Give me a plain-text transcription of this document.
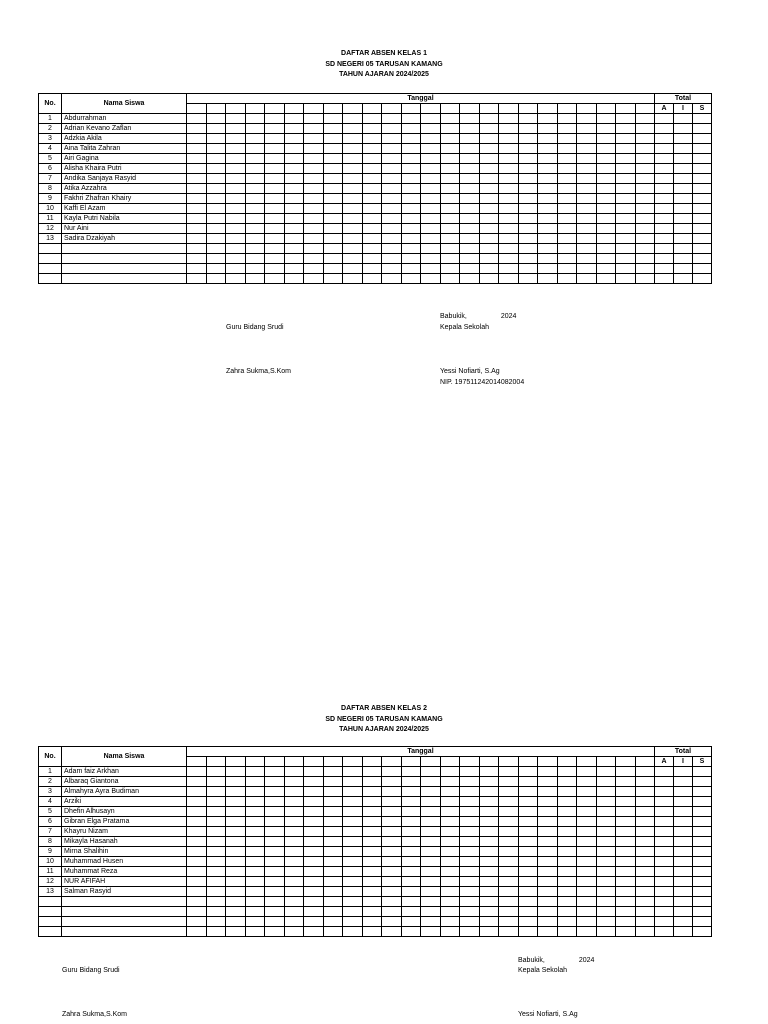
DAFTAR ABSEN KELAS 1
SD NEGERI 05 TARUSAN KAMANG
TAHUN AJARAN 2024/2025
No.	Nama Siswa	Tanggal																								Total		
																										A	I	S
1	Abdurrahman																											
2	Adrian Kevano Zaflan																											
3	Adzkia Akila																											
4	Aina Talita Zahran																											
5	Airi Gagina																											
6	Alisha Khaira Putri																											
7	Andika Sanjaya Rasyid																											
8	Atika Azzahra																											
9	Fakhri Zhafran Khairy																											
10	Kaffi El Azam																											
11	Kayla Putri Nabila																											
12	Nur Aini																											
13	Sadira Dzakiyah																											

Babukik,	2024
Guru Bidang Srudi	Kepala Sekolah
Zahra Sukma,S.Kom	Yessi Nofiarti, S.Ag
NIP. 197511242014082004
DAFTAR ABSEN KELAS 2
SD NEGERI 05 TARUSAN KAMANG
TAHUN AJARAN 2024/2025
No.	Nama Siswa	Tanggal																								Total		
																										A	I	S
1	Adam faiz Arkhan																											
2	Albaraq Giantona																											
3	Almahyra Ayra Budiman																											
4	Arziki																											
5	Dhefin Alhusayn																											
6	Gibran Elga Pratama																											
7	Khayru Nizam																											
8	Mikayla Hasanah																											
9	Mirna Shalihin																											
10	Muhammad Husen																											
11	Muhammat Reza																											
12	NUR AFIFAH																											
13	Salman Rasyid																											

Babukik,	2024
Guru Bidang Srudi	Kepala Sekolah
Zahra Sukma,S.Kom	Yessi Nofiarti, S.Ag
